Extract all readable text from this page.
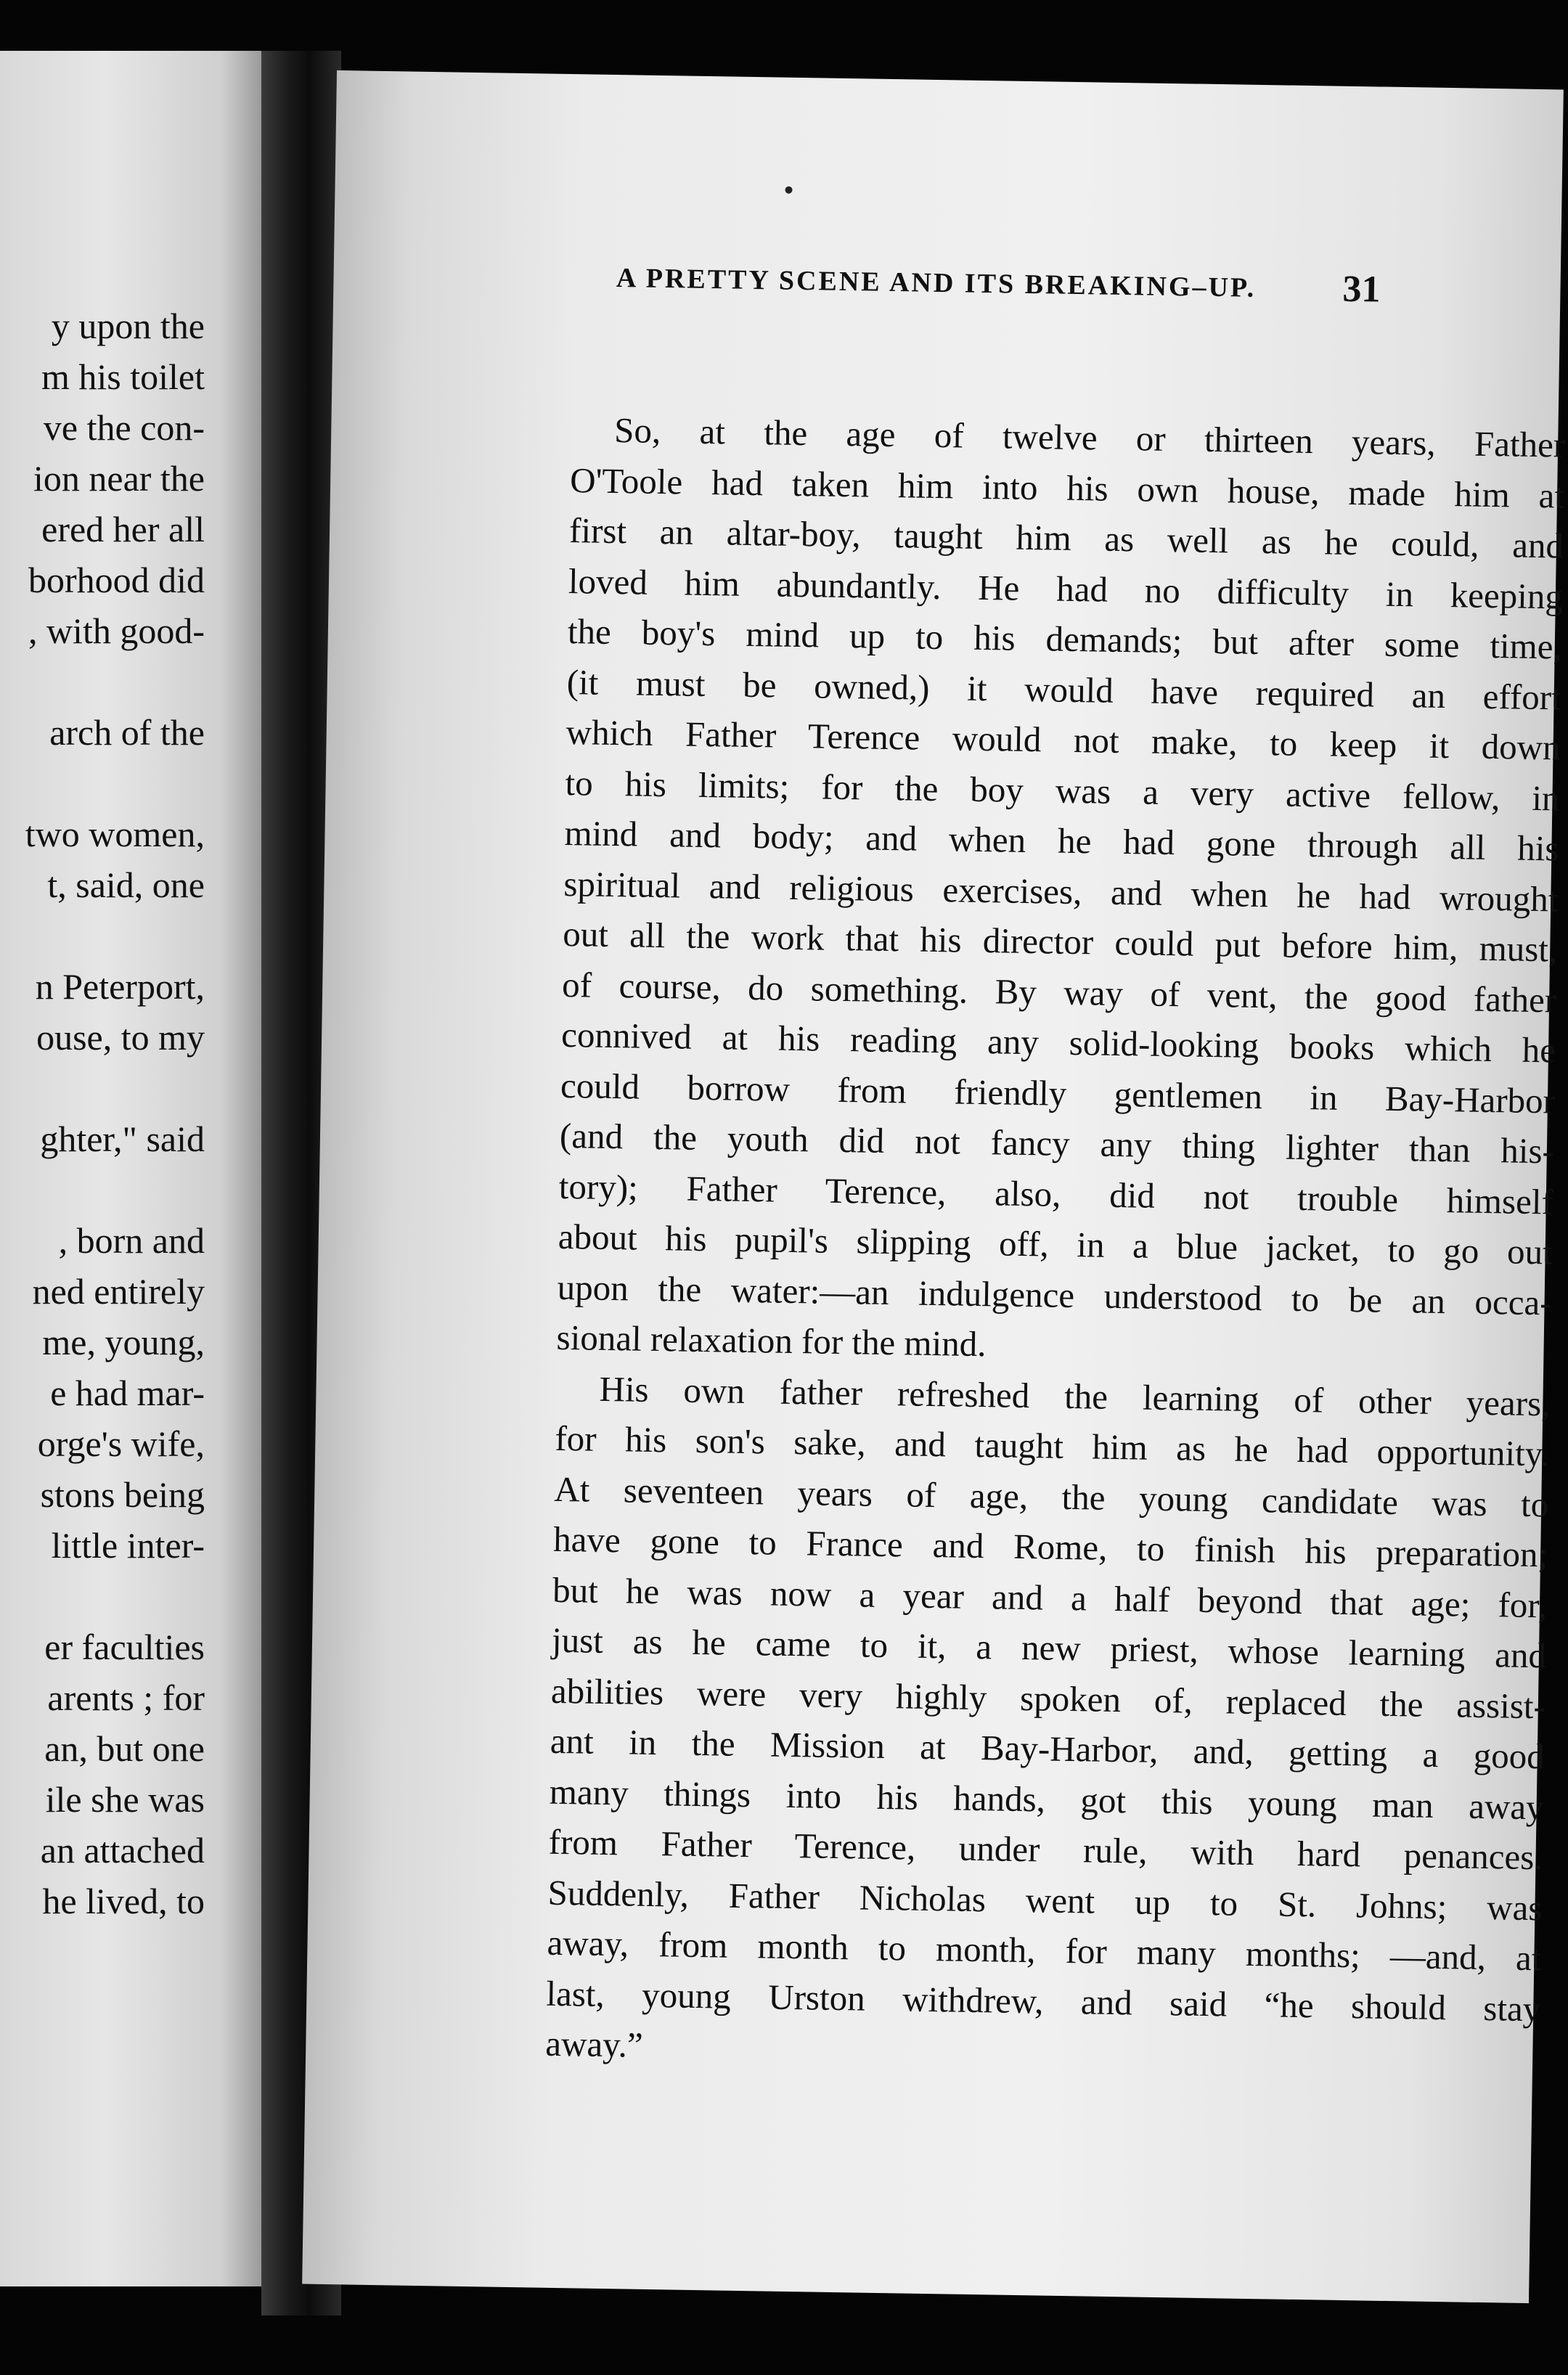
y upon the

m his toilet

ve the con-

ion near the

ered her all

borhood did

, with good-

arch of the

two women,

t, said, one

n Peterport,

ouse, to my

ghter," said

, born and

ned entirely

me, young,

e had mar-

orge's wife,

stons being

little inter-

er faculties

arents ; for

an, but one

ile she was

an attached

he lived, to

A PRETTY SCENE AND ITS BREAKING–UP.	31

So, at the age of twelve or thirteen years, Father

O'Toole had taken him into his own house, made him at

first an altar-boy, taught him as well as he could, and

loved him abundantly. He had no difficulty in keeping

the boy's mind up to his demands; but after some time,

(it must be owned,) it would have required an effort

which Father Terence would not make, to keep it down

to his limits; for the boy was a very active fellow, in

mind and body; and when he had gone through all his

spiritual and religious exercises, and when he had wrought

out all the work that his director could put before him, must,

of course, do something. By way of vent, the good father

connived at his reading any solid-looking books which he

could borrow from friendly gentlemen in Bay-Harbor

(and the youth did not fancy any thing lighter than his-

tory); Father Terence, also, did not trouble himself

about his pupil's slipping off, in a blue jacket, to go out

upon the water:—an indulgence understood to be an occa-

sional relaxation for the mind.

His own father refreshed the learning of other years,

for his son's sake, and taught him as he had opportunity.

At seventeen years of age, the young candidate was to

have gone to France and Rome, to finish his preparation;

but he was now a year and a half beyond that age; for,

just as he came to it, a new priest, whose learning and

abilities were very highly spoken of, replaced the assist-

ant in the Mission at Bay-Harbor, and, getting a good

many things into his hands, got this young man away

from Father Terence, under rule, with hard penances.

Suddenly, Father Nicholas went up to St. Johns; was

away, from month to month, for many months; —and, at

last, young Urston withdrew, and said “he should stay

away.”
